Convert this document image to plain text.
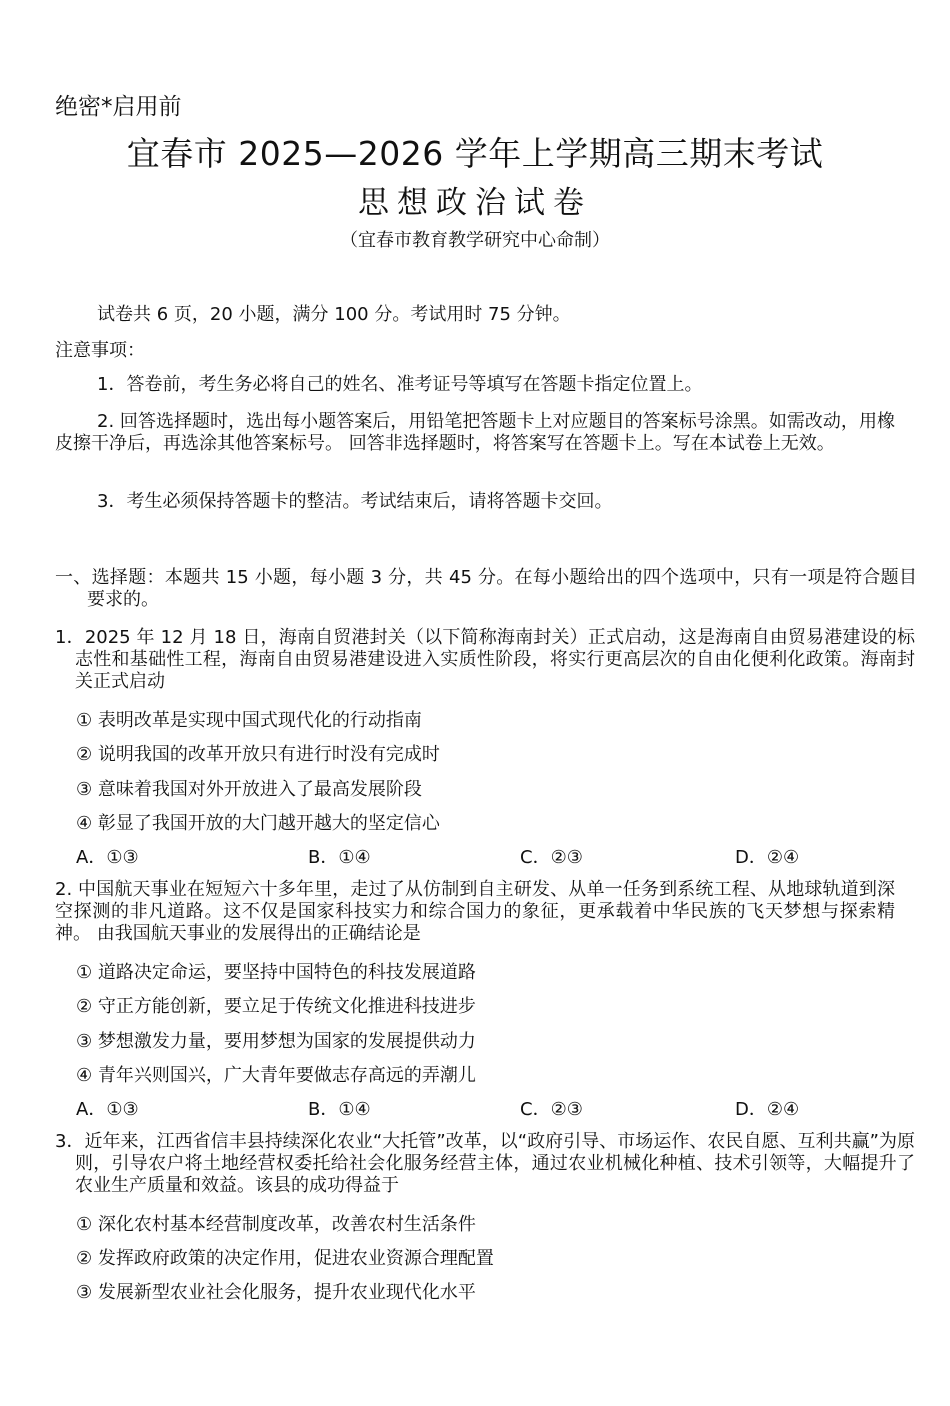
绝密*启用前
宜春市 2025—2026 学年上学期高三期末考试
思想政治试卷
（宜春市教育教学研究中心命制）
试卷共 6 页，20 小题，满分 100 分。考试用时 75 分钟。
注意事项：
1．答卷前，考生务必将自己的姓名、准考证号等填写在答题卡指定位置上。
2. 回答选择题时，选出每小题答案后，用铅笔把答题卡上对应题目的答案标号涂黑。如需改动，用橡皮擦干净后，再选涂其他答案标号。 回答非选择题时，将答案写在答题卡上。写在本试卷上无效。
3．考生必须保持答题卡的整洁。考试结束后，请将答题卡交回。
一、选择题：本题共 15 小题，每小题 3 分，共 45 分。在每小题给出的四个选项中，只有一项是符合题目要求的。
1．2025 年 12 月 18 日，海南自贸港封关（以下简称海南封关）正式启动，这是海南自由贸易港建设的标志性和基础性工程，海南自由贸易港建设进入实质性阶段，将实行更高层次的自由化便利化政策。海南封关正式启动
① 表明改革是实现中国式现代化的行动指南
② 说明我国的改革开放只有进行时没有完成时
③ 意味着我国对外开放进入了最高发展阶段
④ 彰显了我国开放的大门越开越大的坚定信心
A．①③	B．①④	C．②③	D．②④
2. 中国航天事业在短短六十多年里，走过了从仿制到自主研发、从单一任务到系统工程、从地球轨道到深空探测的非凡道路。这不仅是国家科技实力和综合国力的象征，更承载着中华民族的飞天梦想与探索精神。 由我国航天事业的发展得出的正确结论是
① 道路决定命运，要坚持中国特色的科技发展道路
② 守正方能创新，要立足于传统文化推进科技进步
③ 梦想激发力量，要用梦想为国家的发展提供动力
④ 青年兴则国兴，广大青年要做志存高远的弄潮儿
A．①③	B．①④	C．②③	D．②④
3．近年来，江西省信丰县持续深化农业“大托管”改革，以“政府引导、市场运作、农民自愿、互利共赢”为原则，引导农户将土地经营权委托给社会化服务经营主体，通过农业机械化种植、技术引领等，大幅提升了农业生产质量和效益。该县的成功得益于
① 深化农村基本经营制度改革，改善农村生活条件
② 发挥政府政策的决定作用，促进农业资源合理配置
③ 发展新型农业社会化服务，提升农业现代化水平
